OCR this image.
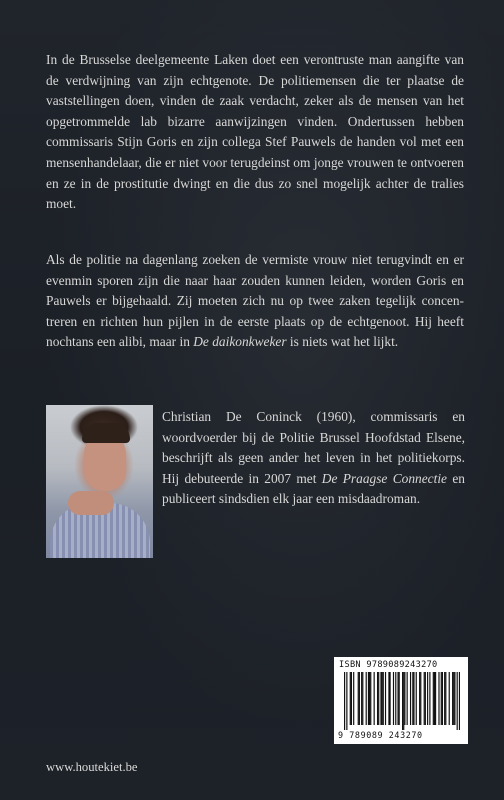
In de Brusselse deelgemeente Laken doet een verontruste man aangifte van de verdwijning van zijn echtgenote. De politiemensen die ter plaatse de vaststellingen doen, vinden de zaak verdacht, zeker als de mensen van het opgetrommelde lab bizarre aanwijzingen vinden. Ondertussen hebben commissaris Stijn Goris en zijn collega Stef Pauwels de handen vol met een mensenhandelaar, die er niet voor terugdeinst om jonge vrouwen te ontvoeren en ze in de prostitutie dwingt en die dus zo snel mogelijk achter de tralies moet.

Als de politie na dagenlang zoeken de vermiste vrouw niet terugvindt en er evenmin sporen zijn die naar haar zouden kunnen leiden, worden Goris en Pauwels er bijgehaald. Zij moeten zich nu op twee zaken tegelijk concen-treren en richten hun pijlen in de eerste plaats op de echtgenoot. Hij heeft nochtans een alibi, maar in De daikonkweker is niets wat het lijkt.

Christian De Coninck (1960), commissaris en woordvoerder bij de Politie Brussel Hoofdstad Elsene, beschrijft als geen ander het leven in het politiekorps. Hij debuteerde in 2007 met De Praagse Connectie en publiceert sindsdien elk jaar een misdaadroman.

ISBN 9789089243270
9 789089 243270
www.houtekiet.be
